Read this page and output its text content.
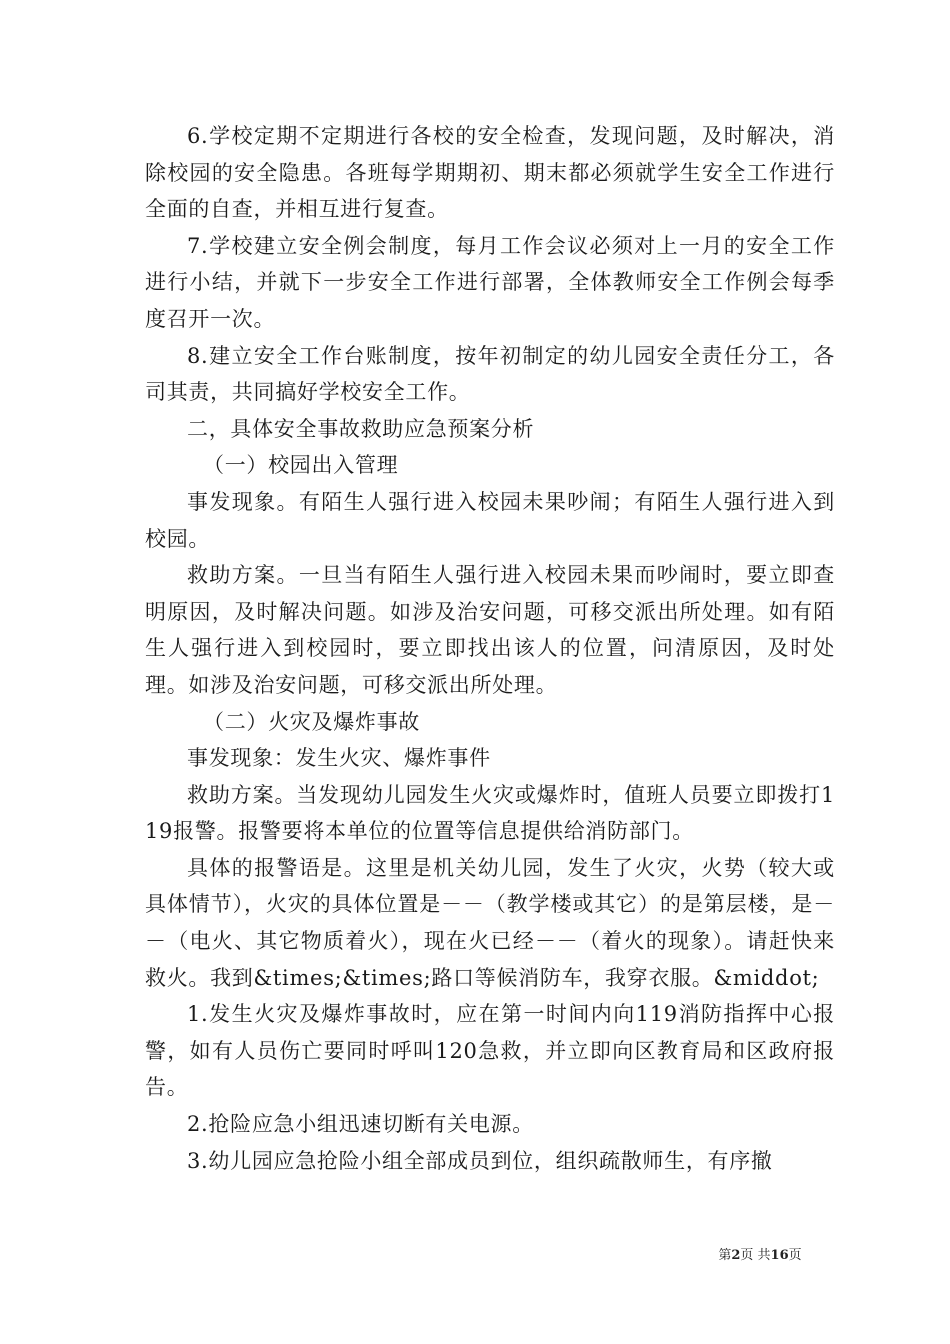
6.学校定期不定期进行各校的安全检查，发现问题，及时解决，消除校园的安全隐患。各班每学期期初、期末都必须就学生安全工作进行全面的自查，并相互进行复查。

7.学校建立安全例会制度，每月工作会议必须对上一月的安全工作进行小结，并就下一步安全工作进行部署，全体教师安全工作例会每季度召开一次。

8.建立安全工作台账制度，按年初制定的幼儿园安全责任分工，各司其责，共同搞好学校安全工作。

二，具体安全事故救助应急预案分析

（一）校园出入管理

事发现象。有陌生人强行进入校园未果吵闹；有陌生人强行进入到校园。

救助方案。一旦当有陌生人强行进入校园未果而吵闹时，要立即查明原因，及时解决问题。如涉及治安问题，可移交派出所处理。如有陌生人强行进入到校园时，要立即找出该人的位置，问清原因，及时处理。如涉及治安问题，可移交派出所处理。

（二）火灾及爆炸事故

事发现象：发生火灾、爆炸事件

救助方案。当发现幼儿园发生火灾或爆炸时，值班人员要立即拨打119报警。报警要将本单位的位置等信息提供给消防部门。

具体的报警语是。这里是机关幼儿园，发生了火灾，火势（较大或具体情节），火灾的具体位置是－－（教学楼或其它）的是第层楼，是－－（电火、其它物质着火），现在火已经－－（着火的现象）。请赶快来救火。我到&times;&times;路口等候消防车，我穿衣服。&middot;

1.发生火灾及爆炸事故时，应在第一时间内向119消防指挥中心报警，如有人员伤亡要同时呼叫120急救，并立即向区教育局和区政府报告。

2.抢险应急小组迅速切断有关电源。

3.幼儿园应急抢险小组全部成员到位，组织疏散师生，有序撤

第2页 共16页
